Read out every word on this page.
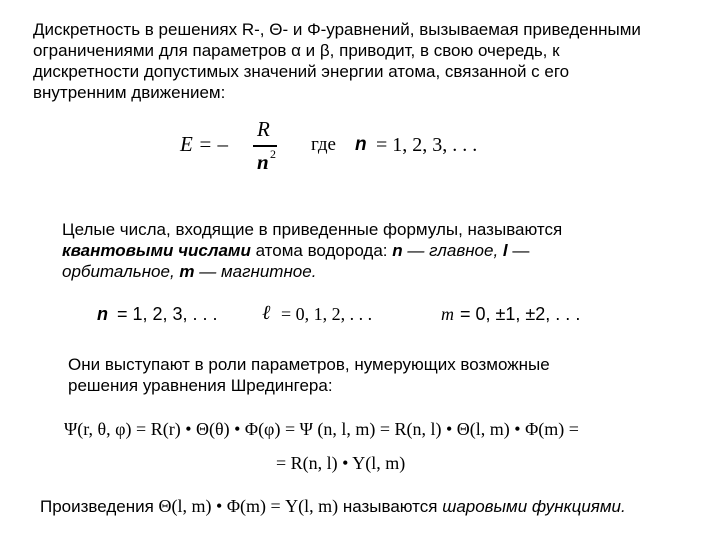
Дискретность в решениях R-, Θ- и Φ-уравнений, вызываемая приведенными
ограничениями для параметров α и β, приводит, в свою очередь, к
дискретности допустимых значений энергии атома, связанной с его
внутренним движением:
E = –
R
n 2 где n = 1, 2, 3, . . .
Целые числа, входящие в приведенные формулы, называются
квантовыми числами атома водорода: n — главное, l —
орбитальное, m — магнитное.
n = 1, 2, 3, . . . ℓ = 0, 1, 2, . . .	m = 0, ±1, ±2, . . .
Они выступают в роли параметров, нумерующих возможные
решения уравнения Шредингера:
Ψ(r, θ, φ) = R(r) • Θ(θ) • Φ(φ) = Ψ (n, l, m) = R(n, l) • Θ(l, m) • Φ(m) =
= R(n, l) • Y(l, m)
Произведения Θ(l, m) • Φ(m) = Y(l, m) называются шаровыми функциями.
